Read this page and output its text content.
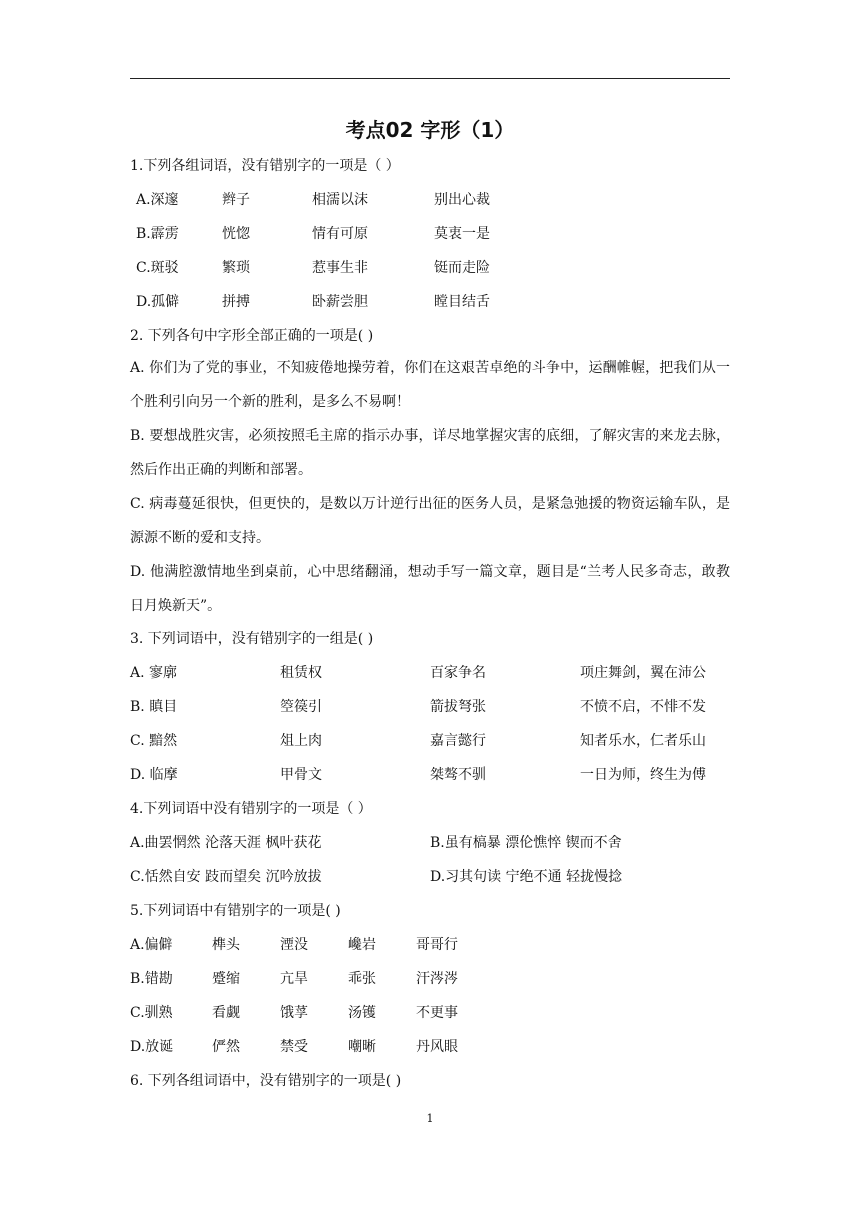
考点02 字形（1）
1.下列各组词语，没有错别字的一项是（ ）
A.深邃	辫子	相濡以沫	别出心裁
B.霹雳	恍惚	情有可原	莫衷一是
C.斑驳	繁琐	惹事生非	铤而走险
D.孤僻	拼搏	卧薪尝胆	瞠目结舌
2. 下列各句中字形全部正确的一项是( )
A. 你们为了党的事业，不知疲倦地操劳着，你们在这艰苦卓绝的斗争中，运酬帷幄，把我们从一个胜利引向另一个新的胜利，是多么不易啊！
B. 要想战胜灾害，必须按照毛主席的指示办事，详尽地掌握灾害的底细，了解灾害的来龙去脉，然后作出正确的判断和部署。
C. 病毒蔓延很快，但更快的，是数以万计逆行出征的医务人员，是紧急弛援的物资运输车队，是源源不断的爱和支持。
D. 他满腔激情地坐到桌前，心中思绪翻涌，想动手写一篇文章，题目是“兰考人民多奇志，敢教日月焕新天”。
3. 下列词语中，没有错别字的一组是( )
A. 寥廓	租赁权	百家争名	项庄舞剑，翼在沛公
B. 瞋目	箜篌引	箭拔弩张	不愤不启，不悱不发
C. 黯然	俎上肉	嘉言懿行	知者乐水，仁者乐山
D. 临摩	甲骨文	桀骜不驯	一日为师，终生为傅
4.下列词语中没有错别字的一项是（ ）
A.曲罢惘然 沦落天涯 枫叶获花	B.虽有槁暴 漂伦憔悴 锲而不舍
C.恬然自安 跂而望矣 沉吟放拔	D.习其句读 宁绝不通 轻拢慢捻
5.下列词语中有错别字的一项是( )
A.偏僻	榫头	湮没	巉岩	哥哥行
B.错勘	蹙缩	亢旱	乖张	汗涔涔
C.驯熟	看觑	饿莩	汤镬	不更事
D.放诞	俨然	禁受	嘲晰	丹风眼
6. 下列各组词语中，没有错别字的一项是( )
1
